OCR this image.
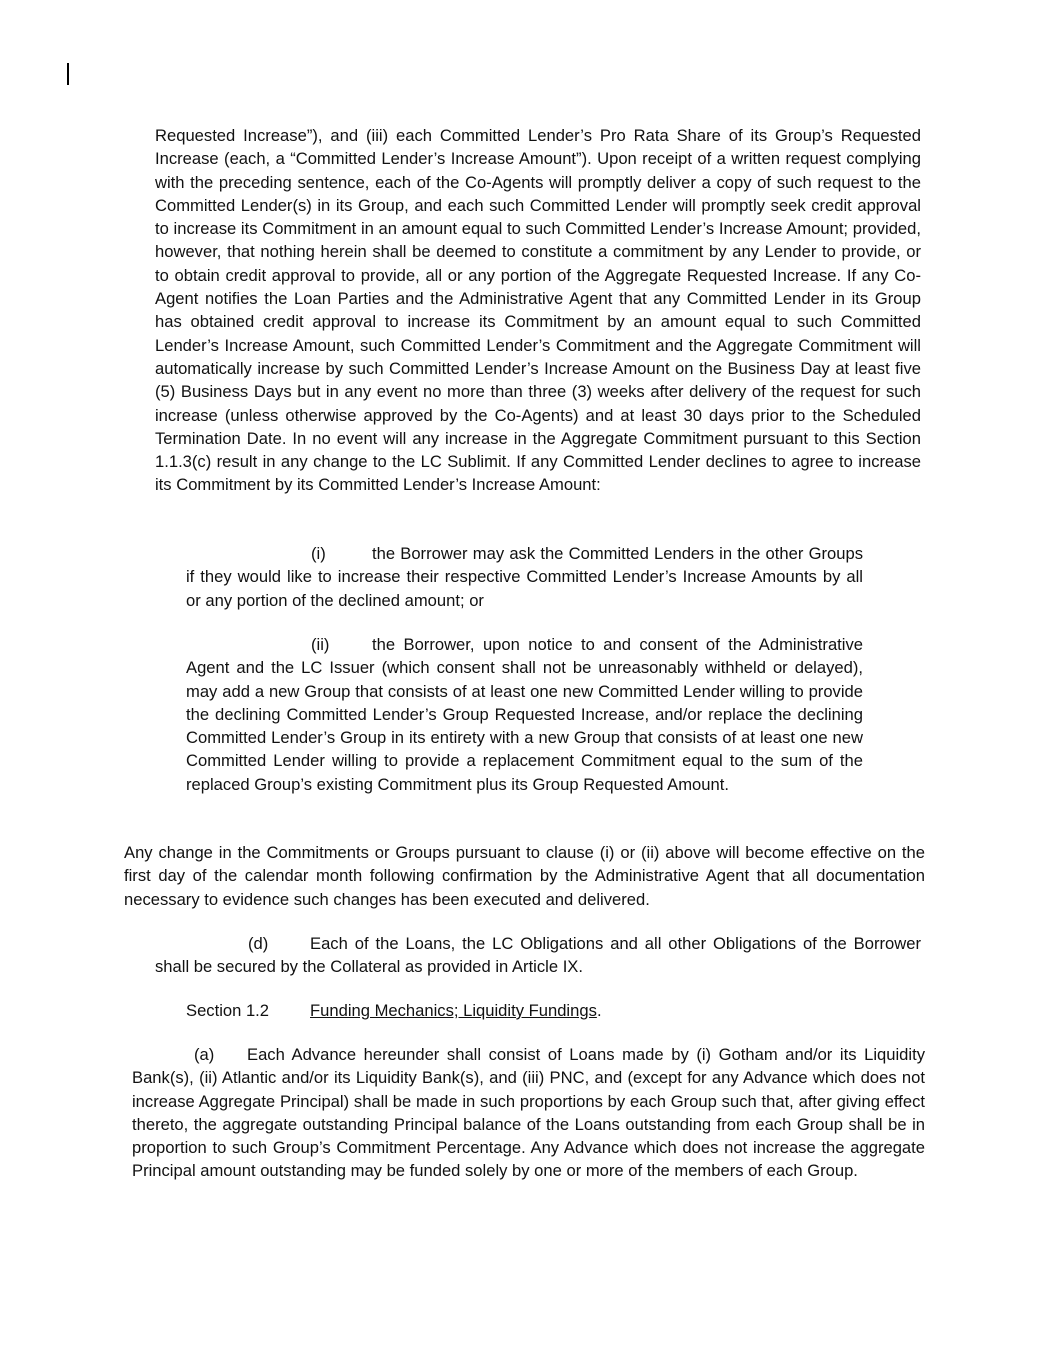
Requested Increase”), and (iii) each Committed Lender’s Pro Rata Share of its Group’s Requested Increase (each, a “Committed Lender’s Increase Amount”). Upon receipt of a written request complying with the preceding sentence, each of the Co-Agents will promptly deliver a copy of such request to the Committed Lender(s) in its Group, and each such Committed Lender will promptly seek credit approval to increase its Commitment in an amount equal to such Committed Lender’s Increase Amount; provided, however, that nothing herein shall be deemed to constitute a commitment by any Lender to provide, or to obtain credit approval to provide, all or any portion of the Aggregate Requested Increase. If any Co-Agent notifies the Loan Parties and the Administrative Agent that any Committed Lender in its Group has obtained credit approval to increase its Commitment by an amount equal to such Committed Lender’s Increase Amount, such Committed Lender’s Commitment and the Aggregate Commitment will automatically increase by such Committed Lender’s Increase Amount on the Business Day at least five (5) Business Days but in any event no more than three (3) weeks after delivery of the request for such increase (unless otherwise approved by the Co-Agents) and at least 30 days prior to the Scheduled Termination Date. In no event will any increase in the Aggregate Commitment pursuant to this Section 1.1.3(c) result in any change to the LC Sublimit. If any Committed Lender declines to agree to increase its Commitment by its Committed Lender’s Increase Amount:

(i)	the Borrower may ask the Committed Lenders in the other Groups if they would like to increase their respective Committed Lender’s Increase Amounts by all or any portion of the declined amount; or

(ii)	the Borrower, upon notice to and consent of the Administrative Agent and the LC Issuer (which consent shall not be unreasonably withheld or delayed), may add a new Group that consists of at least one new Committed Lender willing to provide the declining Committed Lender’s Group Requested Increase, and/or replace the declining Committed Lender’s Group in its entirety with a new Group that consists of at least one new Committed Lender willing to provide a replacement Commitment equal to the sum of the replaced Group’s existing Commitment plus its Group Requested Amount.

Any change in the Commitments or Groups pursuant to clause (i) or (ii) above will become effective on the first day of the calendar month following confirmation by the Administrative Agent that all documentation necessary to evidence such changes has been executed and delivered.

(d)	Each of the Loans, the LC Obligations and all other Obligations of the Borrower shall be secured by the Collateral as provided in Article IX.

Section 1.2 Funding Mechanics; Liquidity Fundings .

(a) Each Advance hereunder shall consist of Loans made by (i) Gotham and/or its Liquidity Bank(s), (ii) Atlantic and/or its Liquidity Bank(s), and (iii) PNC, and (except for any Advance which does not increase Aggregate Principal) shall be made in such proportions by each Group such that, after giving effect thereto, the aggregate outstanding Principal balance of the Loans outstanding from each Group shall be in proportion to such Group’s Commitment Percentage. Any Advance which does not increase the aggregate Principal amount outstanding may be funded solely by one or more of the members of each Group.
